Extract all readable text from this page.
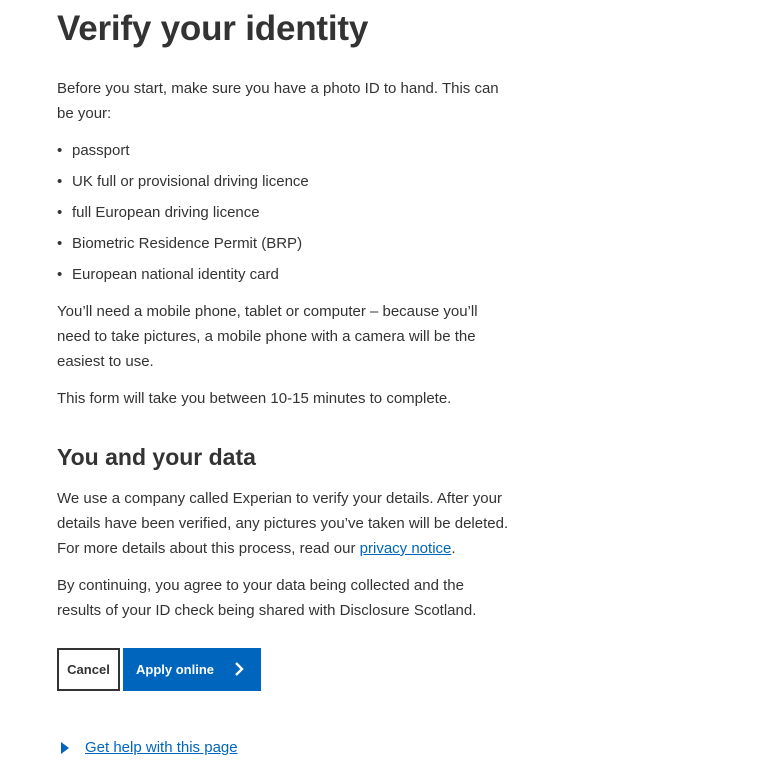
Verify your identity

Before you start, make sure you have a photo ID to hand. This can be your:

• passport
• UK full or provisional driving licence
• full European driving licence
• Biometric Residence Permit (BRP)
• European national identity card

You’ll need a mobile phone, tablet or computer – because you’ll need to take pictures, a mobile phone with a camera will be the easiest to use.

This form will take you between 10-15 minutes to complete.

You and your data

We use a company called Experian to verify your details. After your details have been verified, any pictures you’ve taken will be deleted. For more details about this process, read our privacy notice.

By continuing, you agree to your data being collected and the results of your ID check being shared with Disclosure Scotland.

Cancel	Apply online
Get help with this page
